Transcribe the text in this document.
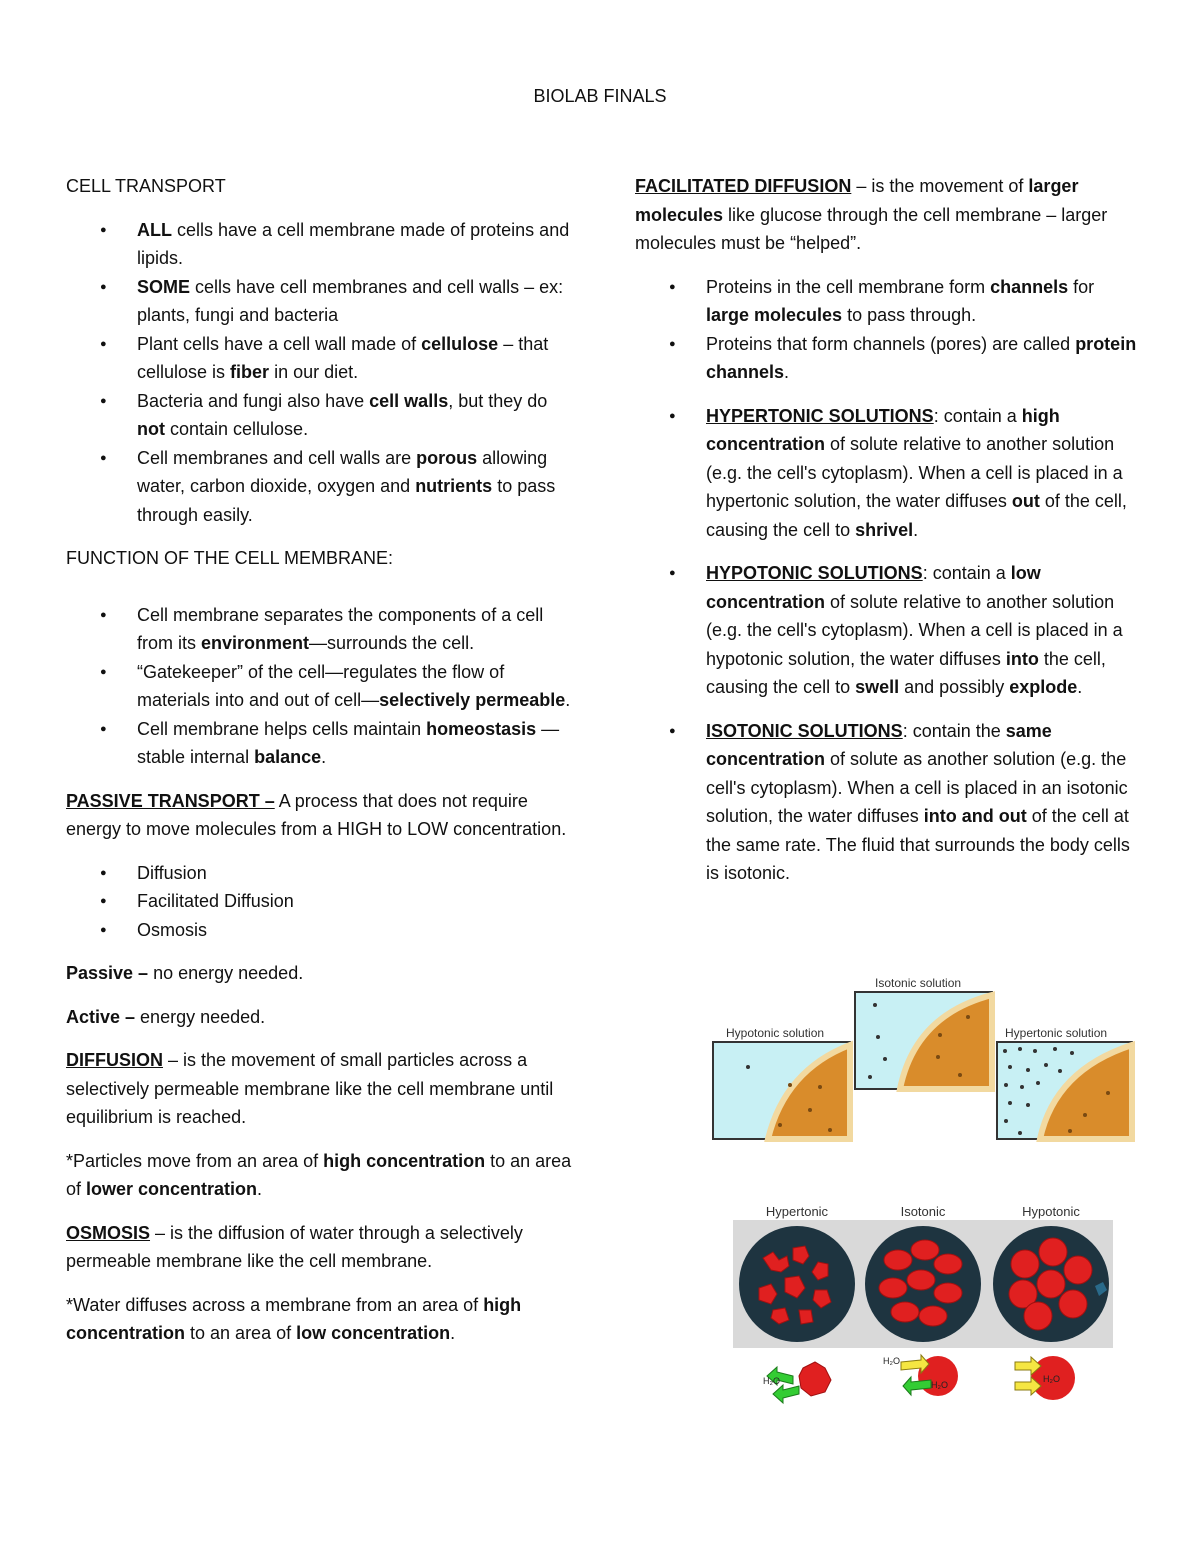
BIOLAB FINALS
CELL TRANSPORT
● ALL cells have a cell membrane made of proteins and lipids.
● SOME cells have cell membranes and cell walls – ex: plants, fungi and bacteria
● Plant cells have a cell wall made of cellulose – that cellulose is fiber in our diet.
● Bacteria and fungi also have cell walls, but they do not contain cellulose.
● Cell membranes and cell walls are porous allowing water, carbon dioxide, oxygen and nutrients to pass through easily.
FUNCTION OF THE CELL MEMBRANE:
● Cell membrane separates the components of a cell from its environment—surrounds the cell.
● “Gatekeeper” of the cell—regulates the flow of materials into and out of cell—selectively permeable.
● Cell membrane helps cells maintain homeostasis —stable internal balance.

PASSIVE TRANSPORT – A process that does not require energy to move molecules from a HIGH to LOW concentration.

● Diffusion
● Facilitated Diffusion
● Osmosis

Passive – no energy needed.

Active – energy needed.

DIFFUSION – is the movement of small particles across a selectively permeable membrane like the cell membrane until equilibrium is reached.

*Particles move from an area of high concentration to an area of lower concentration.

OSMOSIS – is the diffusion of water through a selectively permeable membrane like the cell membrane.

*Water diffuses across a membrane from an area of high concentration to an area of low concentration.

FACILITATED DIFFUSION – is the movement of larger molecules like glucose through the cell membrane – larger molecules must be “helped”.

● Proteins in the cell membrane form channels for large molecules to pass through.
● Proteins that form channels (pores) are called protein channels.
● HYPERTONIC SOLUTIONS: contain a high concentration of solute relative to another solution (e.g. the cell's cytoplasm). When a cell is placed in a hypertonic solution, the water diffuses out of the cell, causing the cell to shrivel.
● HYPOTONIC SOLUTIONS: contain a low concentration of solute relative to another solution (e.g. the cell's cytoplasm). When a cell is placed in a hypotonic solution, the water diffuses into the cell, causing the cell to swell and possibly explode.
● ISOTONIC SOLUTIONS: contain the same concentration of solute as another solution (e.g. the cell's cytoplasm). When a cell is placed in an isotonic solution, the water diffuses into and out of the cell at the same rate. The fluid that surrounds the body cells is isotonic.
Hypotonic solution
Isotonic solution
Hypertonic solution
Hypertonic	Isotonic	Hypotonic
H₂O
H₂O
H₂O
H₂O
